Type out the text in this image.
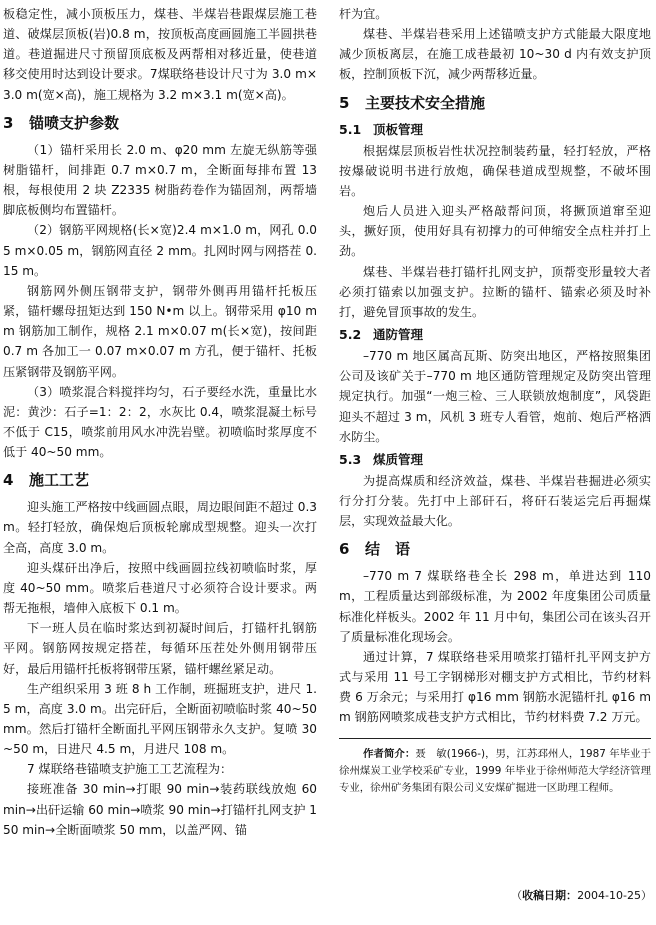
板稳定性，减小顶板压力，煤巷、半煤岩巷跟煤层施工巷道、破煤层顶板(岩)0.8 m，按顶板高度画圆施工半圆拱巷道。巷道掘进尺寸预留顶底板及两帮相对移近量，使巷道移交使用时达到设计要求。7煤联络巷设计尺寸为 3.0 m×3.0 m(宽×高)，施工规格为 3.2 m×3.1 m(宽×高)。

3 锚喷支护参数

（1）锚杆采用长 2.0 m、φ20 mm 左旋无纵筋等强树脂锚杆，间排距 0.7 m×0.7 m，全断面每排布置 13 根，每根使用 2 块 Z2335 树脂药卷作为锚固剂，两帮墙脚底板侧均布置锚杆。

（2）钢筋平网规格(长×宽)2.4 m×1.0 m，网孔 0.05 m×0.05 m，钢筋网直径 2 mm。扎网时网与网搭茬 0.15 m。

钢筋网外侧压钢带支护，钢带外侧再用锚杆托板压紧，锚杆螺母扭矩达到 150 N•m 以上。钢带采用 φ10 mm 钢筋加工制作，规格 2.1 m×0.07 m(长×宽)，按间距 0.7 m 各加工一 0.07 m×0.07 m 方孔，便于锚杆、托板压紧钢带及钢筋平网。

（3）喷浆混合料搅拌均匀，石子要经水洗，重量比水泥：黄沙：石子=1：2：2，水灰比 0.4，喷浆混凝土标号不低于 C15，喷浆前用风水冲洗岩壁。初喷临时浆厚度不低于 40~50 mm。

4 施工工艺

迎头施工严格按中线画圆点眼，周边眼间距不超过 0.3 m。轻打轻放，确保炮后顶板轮廓成型规整。迎头一次打全高，高度 3.0 m。

迎头煤矸出净后，按照中线画圆拉线初喷临时浆，厚度 40~50 mm。喷浆后巷道尺寸必须符合设计要求。两帮无拖根，墙伸入底板下 0.1 m。

下一班人员在临时浆达到初凝时间后，打锚杆扎钢筋平网。钢筋网按规定搭茬，每循环压茬处外侧用钢带压好，最后用锚杆托板将钢带压紧，锚杆螺丝紧足动。

生产组织采用 3 班 8 h 工作制，班掘班支护，进尺 1.5 m，高度 3.0 m。出完矸后，全断面初喷临时浆 40~50 mm。然后打锚杆全断面扎平网压钢带永久支护。复喷 30~50 m，日进尺 4.5 m，月进尺 108 m。

7 煤联络巷锚喷支护施工工艺流程为：

接班准备 30 min→打眼 90 min→装药联线放炮 60 min→出矸运输 60 min→喷浆 90 min→打锚杆扎网支护 150 min→全断面喷浆 50 mm，以盖严网、锚

杆为宜。

煤巷、半煤岩巷采用上述锚喷支护方式能最大限度地减少顶板离层，在施工成巷最初 10~30 d 内有效支护顶板，控制顶板下沉，减少两帮移近量。

5 主要技术安全措施
5.1 顶板管理

根据煤层顶板岩性状况控制装药量，轻打轻放，严格按爆破说明书进行放炮，确保巷道成型规整，不破坏围岩。

炮后人员进入迎头严格敲帮问顶，将撅顶道窜至迎头，撅好顶，使用好具有初撑力的可伸缩安全点柱并打上劲。

煤巷、半煤岩巷打锚杆扎网支护，顶帮变形量较大者必须打锚索以加强支护。拉断的锚杆、锚索必须及时补打，避免冒顶事故的发生。

5.2 通防管理

–770 m 地区属高瓦斯、防突出地区，严格按照集团公司及该矿关于–770 m 地区通防管理规定及防突出管理规定执行。加强“一炮三检、三人联锁放炮制度”，风袋距迎头不超过 3 m，风机 3 班专人看管，炮前、炮后严格洒水防尘。

5.3 煤质管理

为提高煤质和经济效益，煤巷、半煤岩巷掘进必须实行分打分装。先打中上部矸石，将矸石装运完后再掘煤层，实现效益最大化。

6 结　语

–770 m 7 煤联络巷全长 298 m，单进达到 110 m，工程质量达到部级标准，为 2002 年度集团公司质量标准化样板头。2002 年 11 月中旬，集团公司在该头召开了质量标准化现场会。

通过计算，7 煤联络巷采用喷浆打锚杆扎平网支护方式与采用 11 号工字钢梯形对棚支护方式相比，节约材料费 6 万余元；与采用打 φ16 mm 钢筋水泥锚杆扎 φ16 mm 钢筋网喷浆成巷支护方式相比，节约材料费 7.2 万元。

作者简介：聂　敏(1966-)，男，江苏邳州人，1987 年毕业于徐州煤炭工业学校采矿专业，1999 年毕业于徐州师范大学经济管理专业，徐州矿务集团有限公司义安煤矿掘进一区助理工程师。

（收稿日期：2004-10-25）
